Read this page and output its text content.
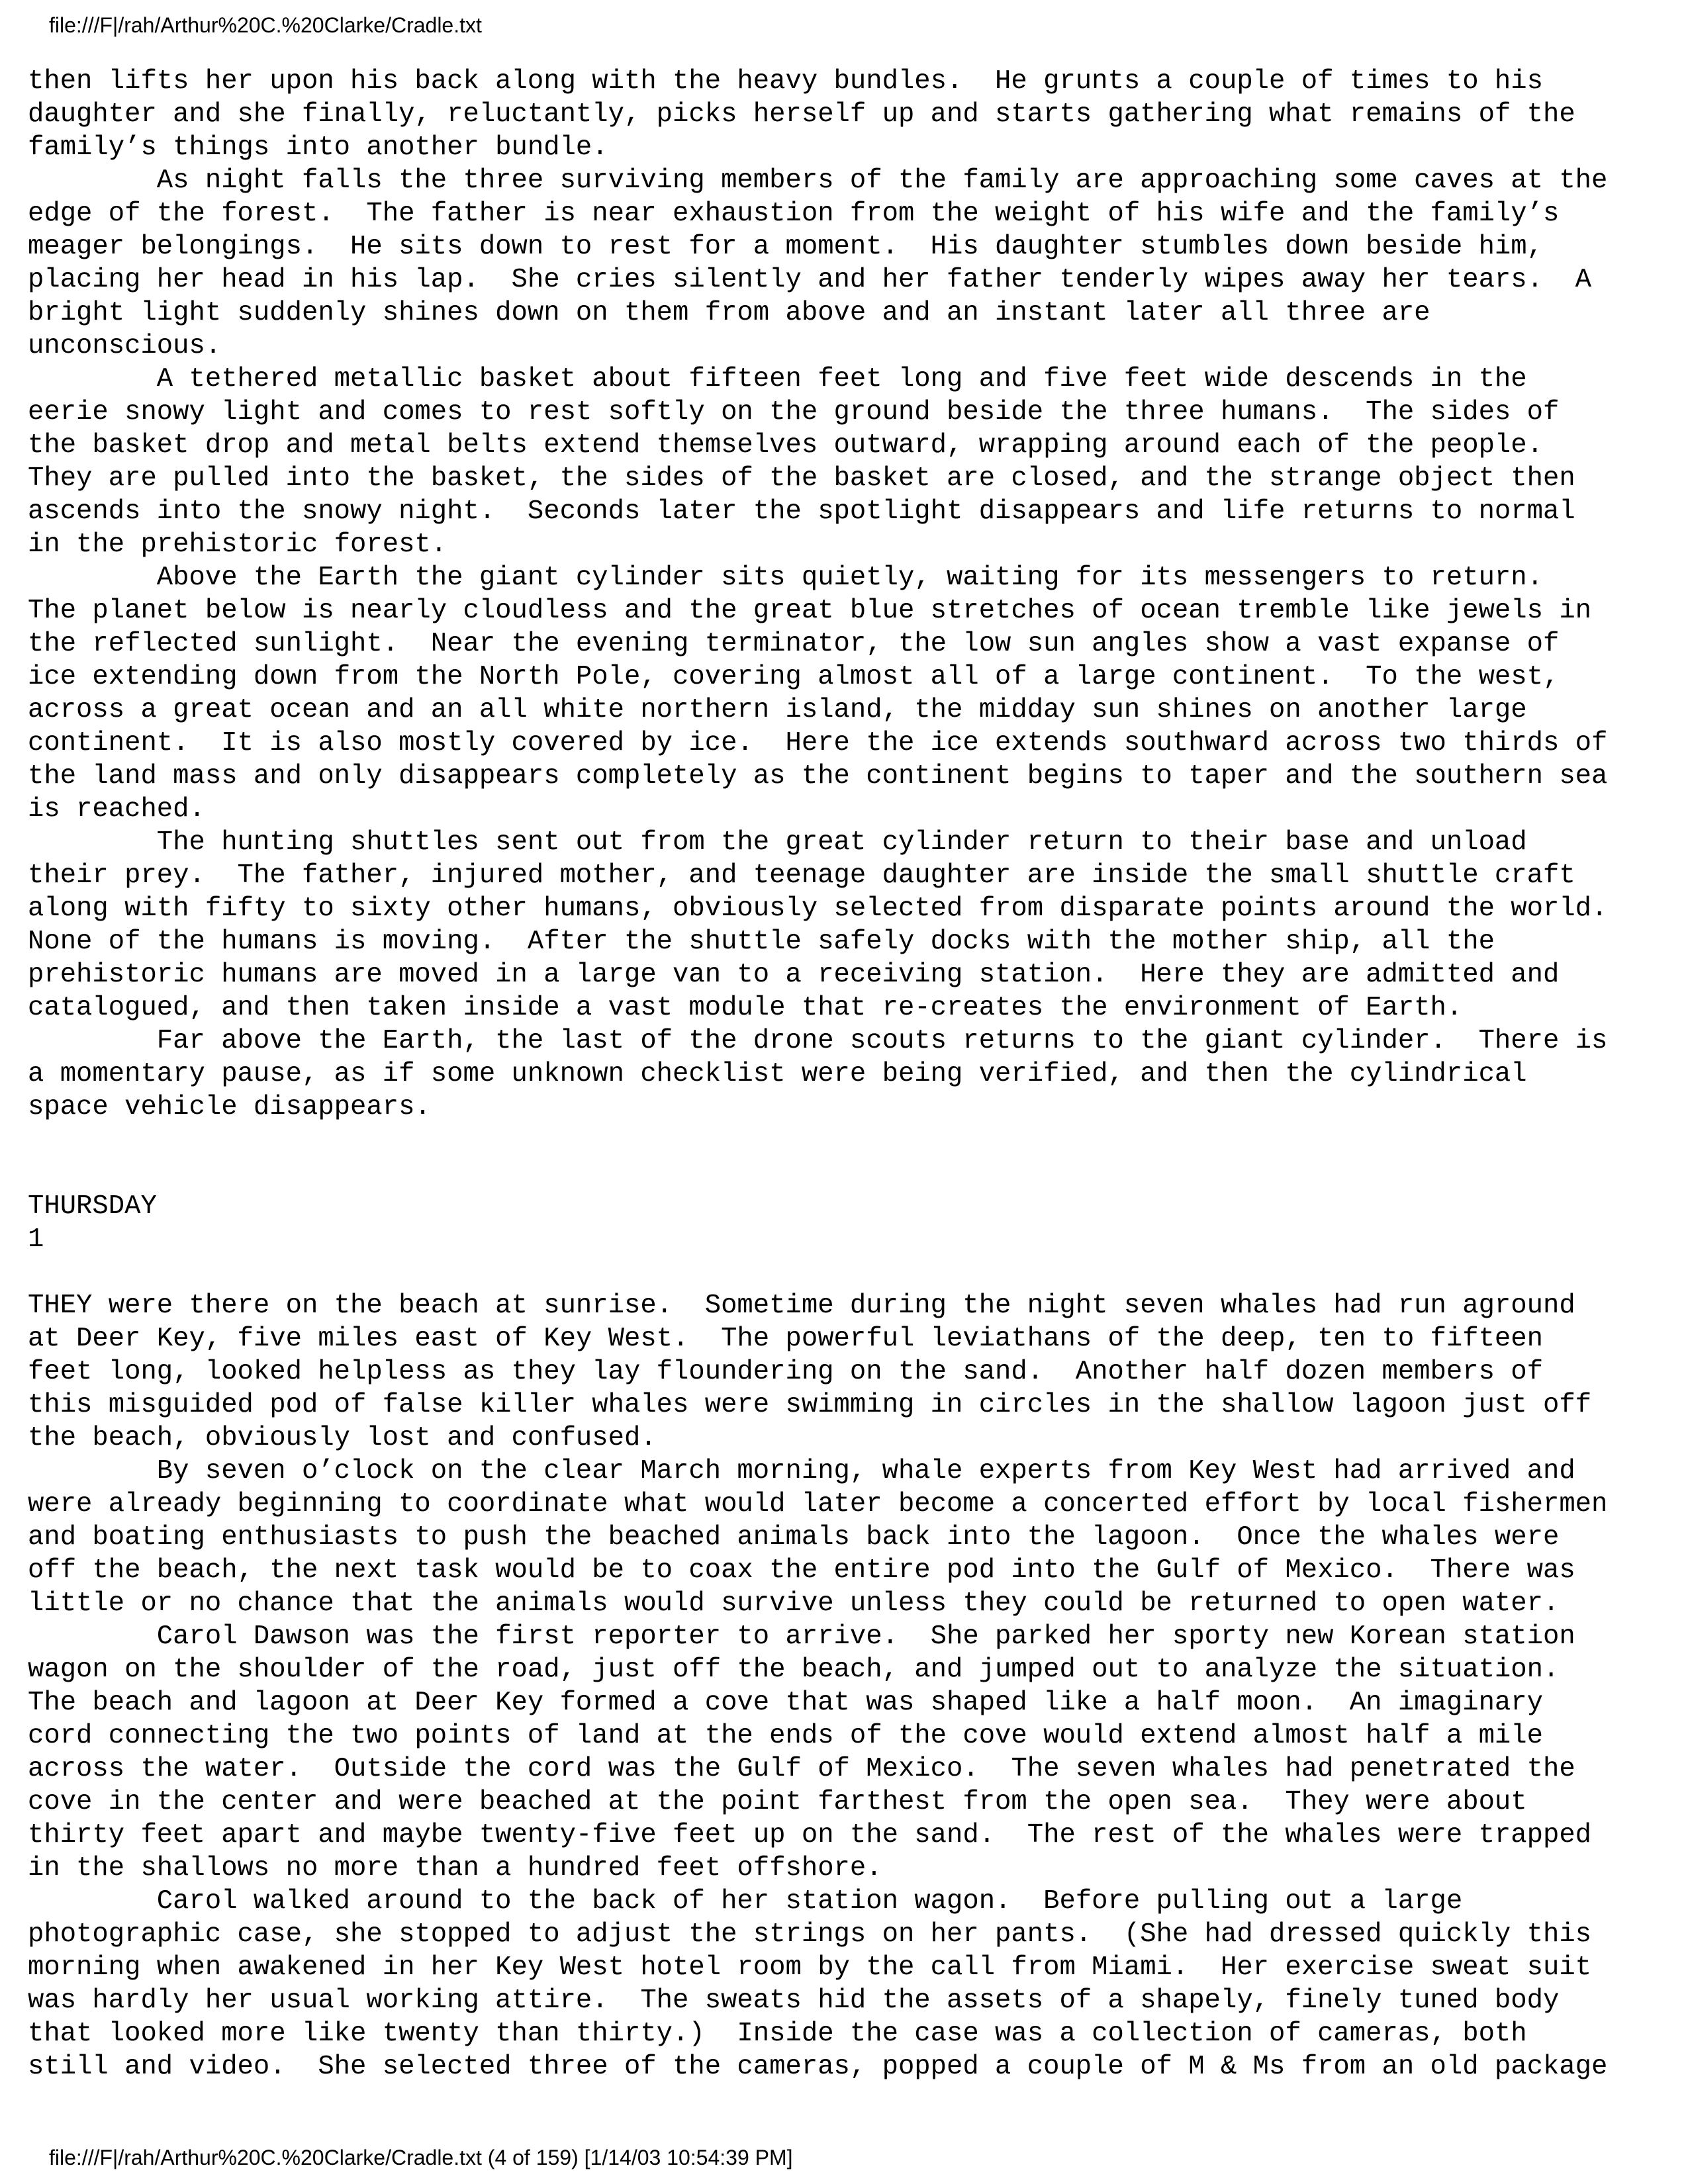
file:///F|/rah/Arthur%20C.%20Clarke/Cradle.txt
then lifts her upon his back along with the heavy bundles.  He grunts a couple of times to his
daughter and she finally, reluctantly, picks herself up and starts gathering what remains of the
family’s things into another bundle.
As night falls the three surviving members of the family are approaching some caves at the
edge of the forest.  The father is near exhaustion from the weight of his wife and the family’s
meager belongings.  He sits down to rest for a moment.  His daughter stumbles down beside him,
placing her head in his lap.  She cries silently and her father tenderly wipes away her tears.  A
bright light suddenly shines down on them from above and an instant later all three are
unconscious.
A tethered metallic basket about fifteen feet long and five feet wide descends in the
eerie snowy light and comes to rest softly on the ground beside the three humans.  The sides of
the basket drop and metal belts extend themselves outward, wrapping around each of the people.
They are pulled into the basket, the sides of the basket are closed, and the strange object then
ascends into the snowy night.  Seconds later the spotlight disappears and life returns to normal
in the prehistoric forest.
Above the Earth the giant cylinder sits quietly, waiting for its messengers to return.
The planet below is nearly cloudless and the great blue stretches of ocean tremble like jewels in
the reflected sunlight.  Near the evening terminator, the low sun angles show a vast expanse of
ice extending down from the North Pole, covering almost all of a large continent.  To the west,
across a great ocean and an all white northern island, the midday sun shines on another large
continent.  It is also mostly covered by ice.  Here the ice extends southward across two thirds of
the land mass and only disappears completely as the continent begins to taper and the southern sea
is reached.
The hunting shuttles sent out from the great cylinder return to their base and unload
their prey.  The father, injured mother, and teenage daughter are inside the small shuttle craft
along with fifty to sixty other humans, obviously selected from disparate points around the world.
None of the humans is moving.  After the shuttle safely docks with the mother ship, all the
prehistoric humans are moved in a large van to a receiving station.  Here they are admitted and
catalogued, and then taken inside a vast module that re-creates the environment of Earth.
Far above the Earth, the last of the drone scouts returns to the giant cylinder.  There is
a momentary pause, as if some unknown checklist were being verified, and then the cylindrical
space vehicle disappears.
THURSDAY
1
THEY were there on the beach at sunrise.  Sometime during the night seven whales had run aground
at Deer Key, five miles east of Key West.  The powerful leviathans of the deep, ten to fifteen
feet long, looked helpless as they lay floundering on the sand.  Another half dozen members of
this misguided pod of false killer whales were swimming in circles in the shallow lagoon just off
the beach, obviously lost and confused.
By seven o’clock on the clear March morning, whale experts from Key West had arrived and
were already beginning to coordinate what would later become a concerted effort by local fishermen
and boating enthusiasts to push the beached animals back into the lagoon.  Once the whales were
off the beach, the next task would be to coax the entire pod into the Gulf of Mexico.  There was
little or no chance that the animals would survive unless they could be returned to open water.
Carol Dawson was the first reporter to arrive.  She parked her sporty new Korean station
wagon on the shoulder of the road, just off the beach, and jumped out to analyze the situation.
The beach and lagoon at Deer Key formed a cove that was shaped like a half moon.  An imaginary
cord connecting the two points of land at the ends of the cove would extend almost half a mile
across the water.  Outside the cord was the Gulf of Mexico.  The seven whales had penetrated the
cove in the center and were beached at the point farthest from the open sea.  They were about
thirty feet apart and maybe twenty-five feet up on the sand.  The rest of the whales were trapped
in the shallows no more than a hundred feet offshore.
Carol walked around to the back of her station wagon.  Before pulling out a large
photographic case, she stopped to adjust the strings on her pants.  (She had dressed quickly this
morning when awakened in her Key West hotel room by the call from Miami.  Her exercise sweat suit
was hardly her usual working attire.  The sweats hid the assets of a shapely, finely tuned body
that looked more like twenty than thirty.)  Inside the case was a collection of cameras, both
still and video.  She selected three of the cameras, popped a couple of M & Ms from an old package
file:///F|/rah/Arthur%20C.%20Clarke/Cradle.txt (4 of 159) [1/14/03 10:54:39 PM]
